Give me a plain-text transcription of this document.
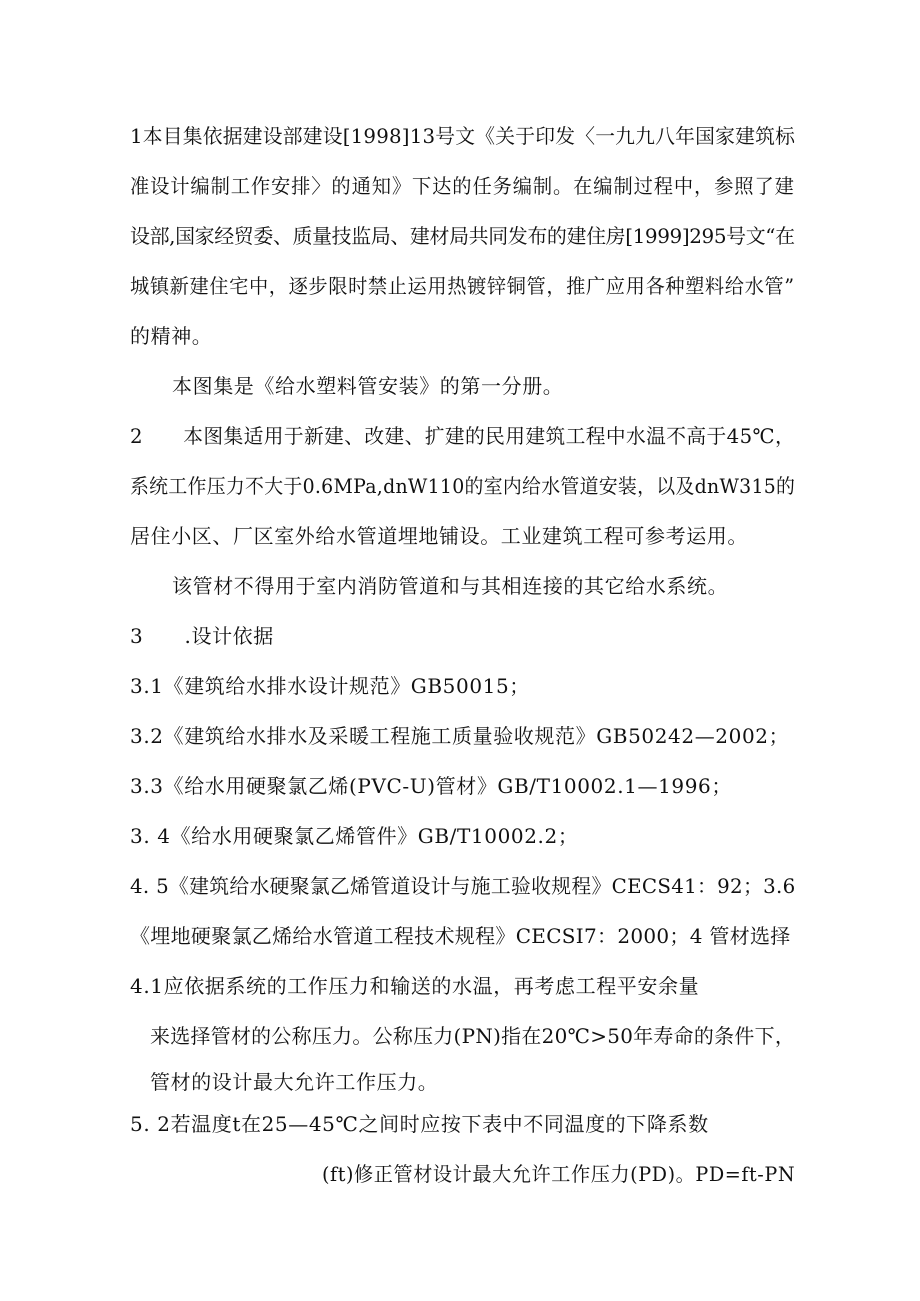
1本目集依据建设部建设[1998]13号文《关于印发〈一九九八年国家建筑标
准设计编制工作安排〉的通知》下达的任务编制。在编制过程中，参照了建
设部,国家经贸委、质量技监局、建材局共同发布的建住房[1999]295号文“在
城镇新建住宅中，逐步限时禁止运用热镀锌铜管，推广应用各种塑料给水管”
的精神。
本图集是《给水塑料管安装》的第一分册。
2　　本图集适用于新建、改建、扩建的民用建筑工程中水温不高于45℃，
系统工作压力不大于0.6MPa,dnW110的室内给水管道安装，以及dnW315的
居住小区、厂区室外给水管道埋地铺设。工业建筑工程可参考运用。
该管材不得用于室内消防管道和与其相连接的其它给水系统。
3　　.设计依据
3.1《建筑给水排水设计规范》GB50015；
3.2《建筑给水排水及采暖工程施工质量验收规范》GB50242—2002；
3.3《给水用硬聚氯乙烯(PVC-U)管材》GB/T10002.1—1996；
3. 4《给水用硬聚氯乙烯管件》GB/T10002.2；
4. 5《建筑给水硬聚氯乙烯管道设计与施工验收规程》CECS41：92；3.6
《埋地硬聚氯乙烯给水管道工程技术规程》CECSI7：2000；4 管材选择
4.1应依据系统的工作压力和输送的水温，再考虑工程平安余量
来选择管材的公称压力。公称压力(PN)指在20℃>50年寿命的条件下，
管材的设计最大允许工作压力。
5. 2若温度t在25—45℃之间时应按下表中不同温度的下降系数
(ft)修正管材设计最大允许工作压力(PD)。PD=ft-PN
